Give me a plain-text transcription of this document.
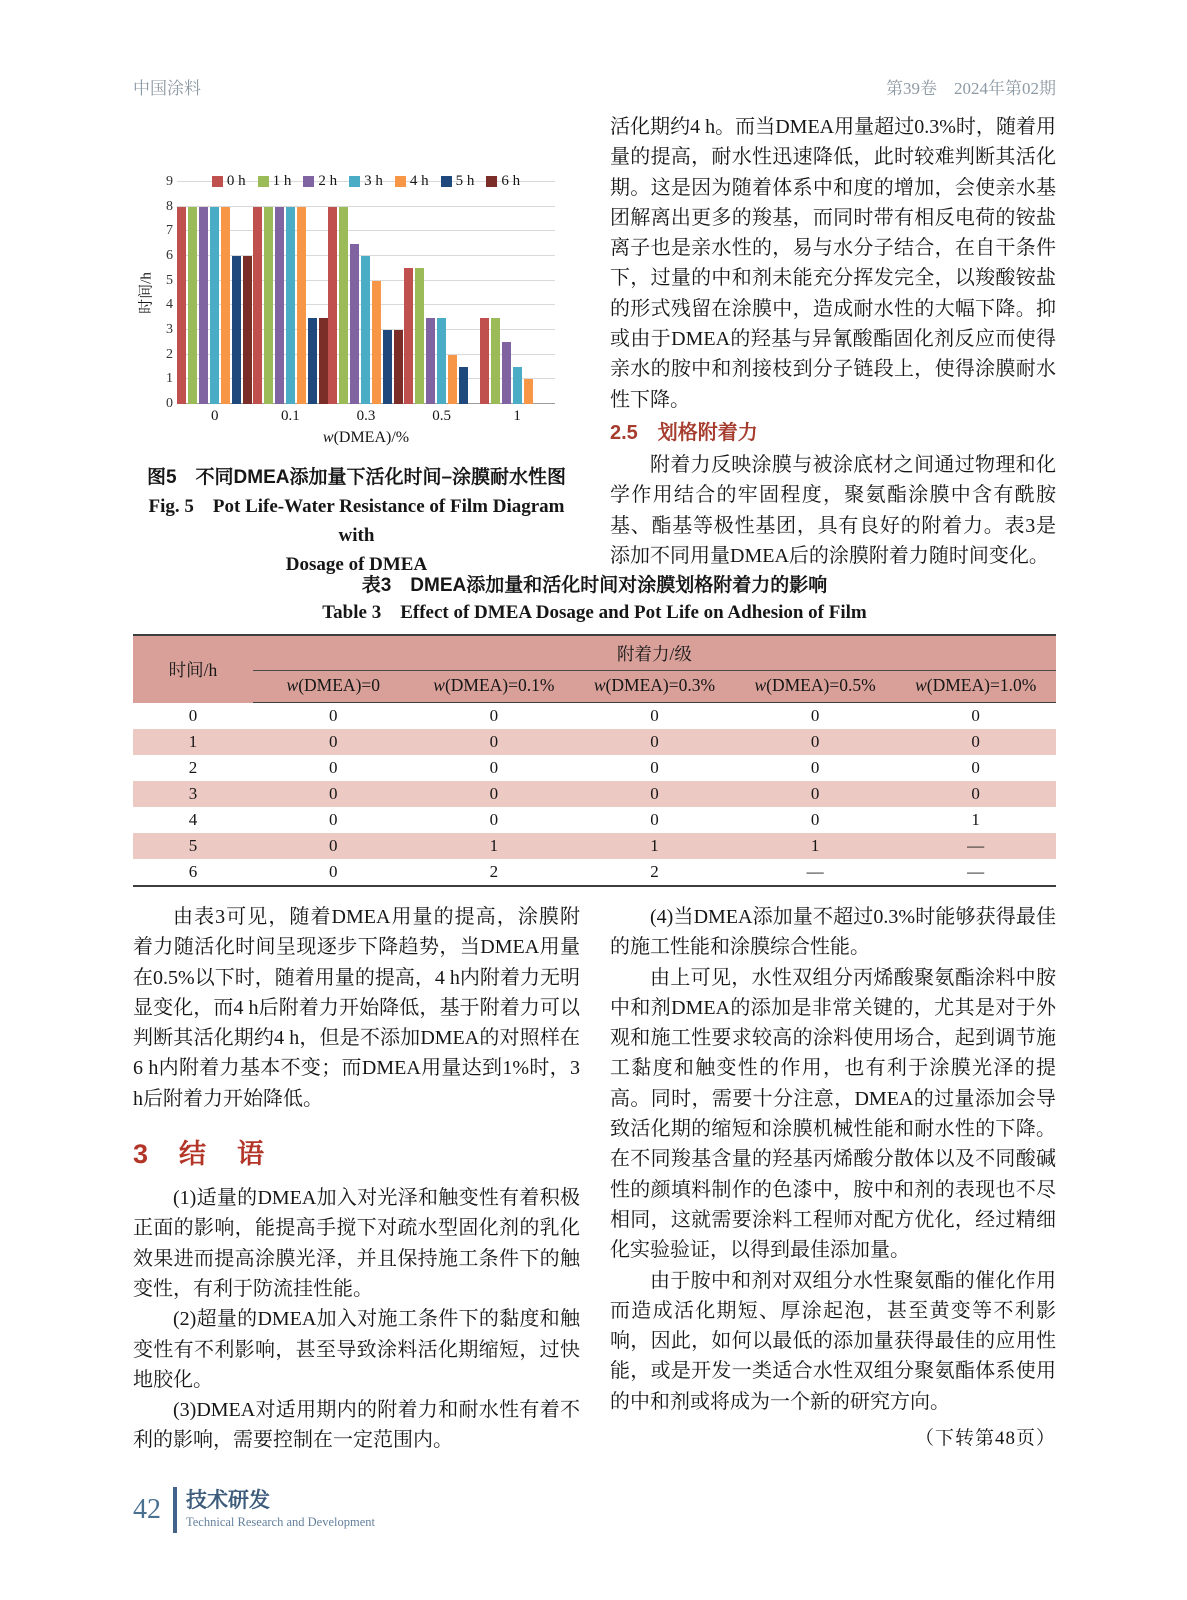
中国涂料	第39卷　2024年第02期
时间/h
0
1
2
3
4
5
6
7
8
9	0 h 1 h 2 h 3 h 4 h 5 h 6 h
0	0.1	0.3	0.5	1
w(DMEA)/%
图5　不同DMEA添加量下活化时间–涂膜耐水性图
Fig. 5　Pot Life-Water Resistance of Film Diagram with
Dosage of DMEA

活化期约4 h。而当DMEA用量超过0.3%时，随着用量的提高，耐水性迅速降低，此时较难判断其活化期。这是因为随着体系中和度的增加，会使亲水基团解离出更多的羧基，而同时带有相反电荷的铵盐离子也是亲水性的，易与水分子结合，在自干条件下，过量的中和剂未能充分挥发完全，以羧酸铵盐的形式残留在涂膜中，造成耐水性的大幅下降。抑或由于DMEA的羟基与异氰酸酯固化剂反应而使得亲水的胺中和剂接枝到分子链段上，使得涂膜耐水性下降。

2.5　划格附着力

附着力反映涂膜与被涂底材之间通过物理和化学作用结合的牢固程度，聚氨酯涂膜中含有酰胺基、酯基等极性基团，具有良好的附着力。表3是添加不同用量DMEA后的涂膜附着力随时间变化。

表3　DMEA添加量和活化时间对涂膜划格附着力的影响
Table 3　Effect of DMEA Dosage and Pot Life on Adhesion of Film
时间/h	附着力/级				
	w(DMEA)=0	w(DMEA)=0.1%	w(DMEA)=0.3%	w(DMEA)=0.5%	w(DMEA)=1.0%
0	0	0	0	0	0
1	0	0	0	0	0
2	0	0	0	0	0
3	0	0	0	0	0
4	0	0	0	0	1
5	0	1	1	1	—
6	0	2	2	—	—

由表3可见，随着DMEA用量的提高，涂膜附着力随活化时间呈现逐步下降趋势，当DMEA用量在0.5%以下时，随着用量的提高，4 h内附着力无明显变化，而4 h后附着力开始降低，基于附着力可以判断其活化期约4 h，但是不添加DMEA的对照样在6 h内附着力基本不变；而DMEA用量达到1%时，3 h后附着力开始降低。

3　结　语

(1)适量的DMEA加入对光泽和触变性有着积极正面的影响，能提高手搅下对疏水型固化剂的乳化效果进而提高涂膜光泽，并且保持施工条件下的触变性，有利于防流挂性能。

(2)超量的DMEA加入对施工条件下的黏度和触变性有不利影响，甚至导致涂料活化期缩短，过快地胶化。

(3)DMEA对适用期内的附着力和耐水性有着不利的影响，需要控制在一定范围内。

(4)当DMEA添加量不超过0.3%时能够获得最佳的施工性能和涂膜综合性能。

由上可见，水性双组分丙烯酸聚氨酯涂料中胺中和剂DMEA的添加是非常关键的，尤其是对于外观和施工性要求较高的涂料使用场合，起到调节施工黏度和触变性的作用，也有利于涂膜光泽的提高。同时，需要十分注意，DMEA的过量添加会导致活化期的缩短和涂膜机械性能和耐水性的下降。在不同羧基含量的羟基丙烯酸分散体以及不同酸碱性的颜填料制作的色漆中，胺中和剂的表现也不尽相同，这就需要涂料工程师对配方优化，经过精细化实验验证，以得到最佳添加量。

由于胺中和剂对双组分水性聚氨酯的催化作用而造成活化期短、厚涂起泡，甚至黄变等不利影响，因此，如何以最低的添加量获得最佳的应用性能，或是开发一类适合水性双组分聚氨酯体系使用的中和剂或将成为一个新的研究方向。

（下转第48页）
42 技术研发
Technical Research and Development
